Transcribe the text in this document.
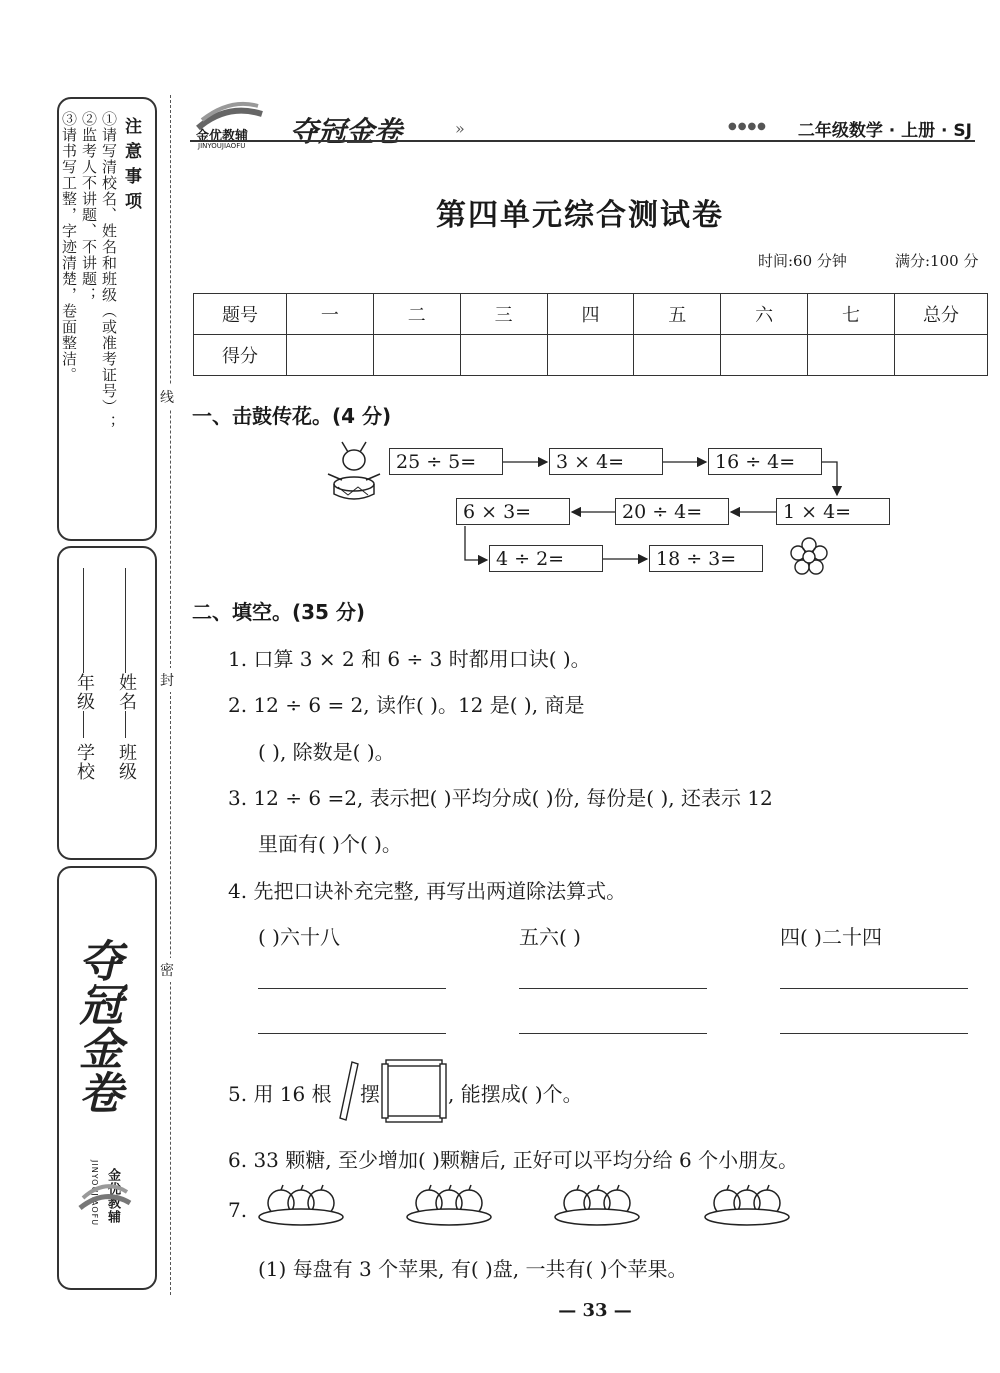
注意事项
①请写清校名、姓名和班级（或准考证号）；
②监考人不讲题、不讲题；
③请书写工整，字迹清楚，卷面整洁。
学校 班级
年级 姓名
夺冠金卷
金优教辅
JINYOUJIAOFU
线
封
密
金优教辅
JINYOUJIAOFU 夺冠金卷	»	●●●● 二年级数学 · 上册 · SJ
第四单元综合测试卷
时间:60 分钟	满分:100 分
题号	一	二	三	四	五	六	七	总分
得分								
一、击鼓传花。(4 分)
25 ÷ 5=	3 × 4=	16 ÷ 4=
6 × 3=	20 ÷ 4=	1 × 4=
4 ÷ 2=	18 ÷ 3=
二、填空。(35 分)
1. 口算 3 × 2 和 6 ÷ 3 时都用口诀( )。
2. 12 ÷ 6 = 2, 读作( )。12 是( ), 商是
( ), 除数是( )。
3. 12 ÷ 6 =2, 表示把( )平均分成( )份, 每份是( ), 还表示 12
里面有( )个( )。
4. 先把口诀补充完整, 再写出两道除法算式。
( )六十八	五六( )	四( )二十四
5. 用 16 根 摆	, 能摆成( )个。
6. 33 颗糖, 至少增加( )颗糖后, 正好可以平均分给 6 个小朋友。
7.
(1) 每盘有 3 个苹果, 有( )盘, 一共有( )个苹果。
— 33 —
